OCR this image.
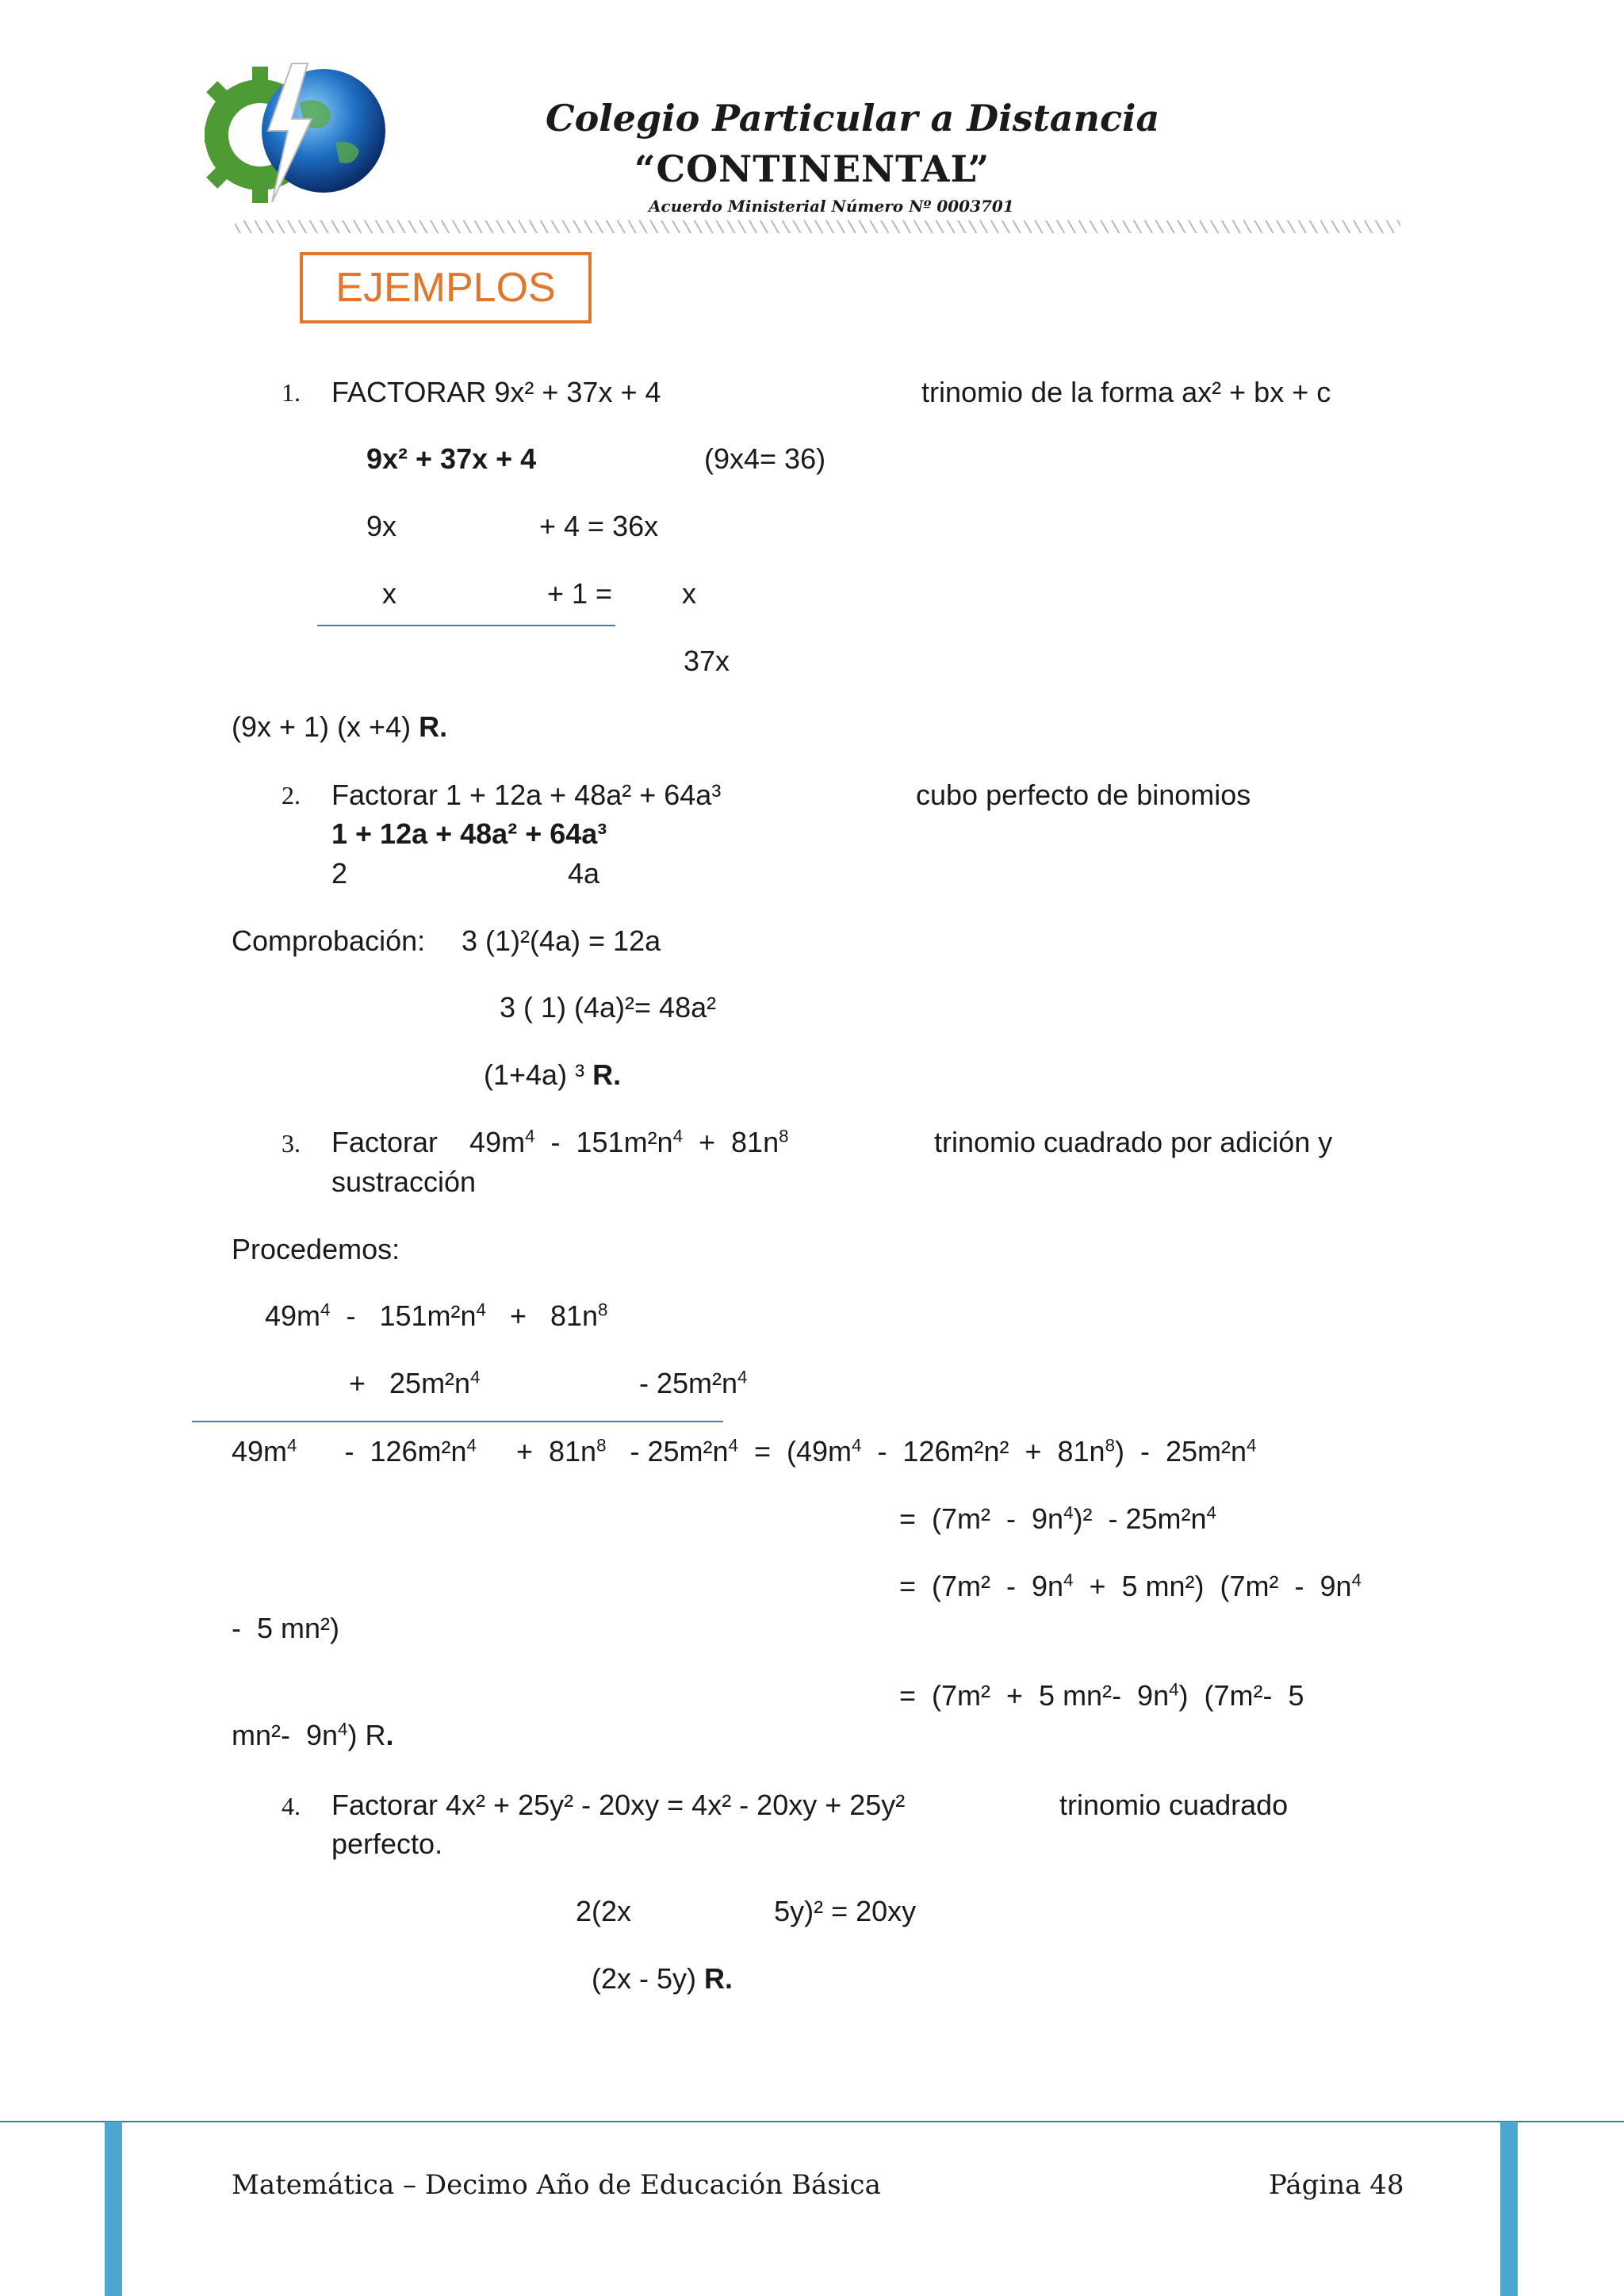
Colegio Particular a Distancia
“CONTINENTAL”
Acuerdo Ministerial Número Nº 0003701
EJEMPLOS
1. FACTORAR 9x² + 37x + 4	trinomio de la forma ax² + bx + c
9x² + 37x + 4	(9x4= 36)
9x	+ 4 = 36x
x	+ 1 = x
37x
(9x + 1) (x +4) R.
2. Factorar 1 + 12a + 48a² + 64a³	cubo perfecto de binomios
1 + 12a + 48a² + 64a³
2	4a
Comprobación: 3 (1)²(4a) = 12a
3 ( 1) (4a)²= 48a²
(1+4a) ³ R.
3. Factorar    $49m^4 - 151m^2n^4 + 81n^8$	trinomio cuadrado por adición y
sustracción
Procedemos:
$49m^4 - 151m^2n^4 + 81n^8$
+   $25m^2n^4$	- $25m^2n^4$
$49m^4$      -  $126m^2n^4$     +  $81n^8 - 25m^2n^4 = (49m^4 - 126m^2n^2 + 81n^8) - 25m^2n^4$
=  $(7m^2 - 9n^4)^2 - 25m^2n^4$
=  ($7m^2 - 9n^4 + 5$ mn²)  ($7m^2 - 9n^4$
-  5 mn²)
=  (7m²  +  5 mn²-  $9n^4$)  (7m²-  5
mn²-  $9n^4$) R.
4. Factorar 4x² + 25y² - 20xy = 4x² - 20xy + 25y²	trinomio cuadrado
perfecto.
2(2x                  5y)² = 20xy
(2x - 5y) R.
Matemática – Decimo Año de Educación Básica	Página 48
